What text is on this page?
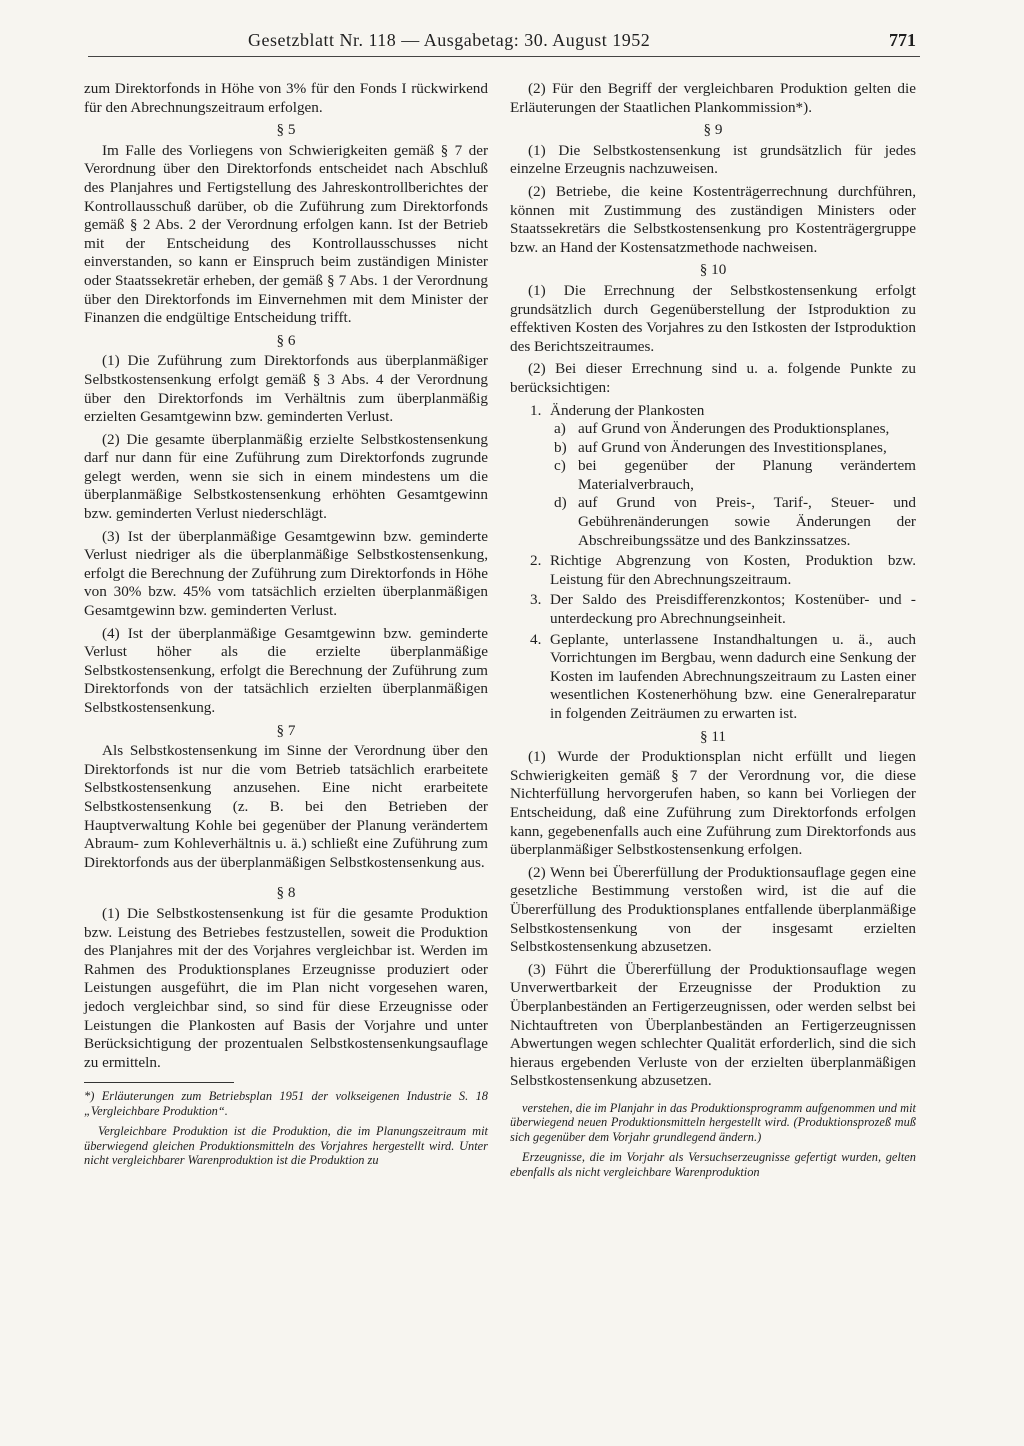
Gesetzblatt Nr. 118 — Ausgabetag: 30. August 1952	771

zum Direktorfonds in Höhe von 3% für den Fonds I rückwirkend für den Abrechnungszeitraum erfolgen.

§ 5

Im Falle des Vorliegens von Schwierigkeiten gemäß § 7 der Verordnung über den Direktorfonds entscheidet nach Abschluß des Planjahres und Fertigstellung des Jahreskontrollberichtes der Kontrollausschuß darüber, ob die Zuführung zum Direktorfonds gemäß § 2 Abs. 2 der Verordnung erfolgen kann. Ist der Betrieb mit der Entscheidung des Kontrollausschusses nicht einverstanden, so kann er Einspruch beim zuständigen Minister oder Staatssekretär erheben, der gemäß § 7 Abs. 1 der Verordnung über den Direktorfonds im Einvernehmen mit dem Minister der Finanzen die endgültige Entscheidung trifft.

§ 6

(1) Die Zuführung zum Direktorfonds aus überplanmäßiger Selbstkostensenkung erfolgt gemäß § 3 Abs. 4 der Verordnung über den Direktorfonds im Verhältnis zum überplanmäßig erzielten Gesamtgewinn bzw. geminderten Verlust.

(2) Die gesamte überplanmäßig erzielte Selbstkostensenkung darf nur dann für eine Zuführung zum Direktorfonds zugrunde gelegt werden, wenn sie sich in einem mindestens um die überplanmäßige Selbstkostensenkung erhöhten Gesamtgewinn bzw. geminderten Verlust niederschlägt.

(3) Ist der überplanmäßige Gesamtgewinn bzw. geminderte Verlust niedriger als die überplanmäßige Selbstkostensenkung, erfolgt die Berechnung der Zuführung zum Direktorfonds in Höhe von 30% bzw. 45% vom tatsächlich erzielten überplanmäßigen Gesamtgewinn bzw. geminderten Verlust.

(4) Ist der überplanmäßige Gesamtgewinn bzw. geminderte Verlust höher als die erzielte überplanmäßige Selbstkostensenkung, erfolgt die Berechnung der Zuführung zum Direktorfonds von der tatsächlich erzielten überplanmäßigen Selbstkostensenkung.

§ 7

Als Selbstkostensenkung im Sinne der Verordnung über den Direktorfonds ist nur die vom Betrieb tatsächlich erarbeitete Selbstkostensenkung anzusehen. Eine nicht erarbeitete Selbstkostensenkung (z. B. bei den Betrieben der Hauptverwaltung Kohle bei gegenüber der Planung verändertem Abraum- zum Kohleverhältnis u. ä.) schließt eine Zuführung zum Direktorfonds aus der überplanmäßigen Selbstkostensenkung aus.

§ 8

(1) Die Selbstkostensenkung ist für die gesamte Produktion bzw. Leistung des Betriebes festzustellen, soweit die Produktion des Planjahres mit der des Vorjahres vergleichbar ist. Werden im Rahmen des Produktionsplanes Erzeugnisse produziert oder Leistungen ausgeführt, die im Plan nicht vorgesehen waren, jedoch vergleichbar sind, so sind für diese Erzeugnisse oder Leistungen die Plankosten auf Basis der Vorjahre und unter Berücksichtigung der prozentualen Selbstkostensenkungsauflage zu ermitteln.

*) Erläuterungen zum Betriebsplan 1951 der volkseigenen Industrie S. 18 „Vergleichbare Produktion“.

Vergleichbare Produktion ist die Produktion, die im Planungszeitraum mit überwiegend gleichen Produktionsmitteln des Vorjahres hergestellt wird. Unter nicht vergleichbarer Warenproduktion ist die Produktion zu

(2) Für den Begriff der vergleichbaren Produktion gelten die Erläuterungen der Staatlichen Plankommission*).

§ 9

(1) Die Selbstkostensenkung ist grundsätzlich für jedes einzelne Erzeugnis nachzuweisen.

(2) Betriebe, die keine Kostenträgerrechnung durchführen, können mit Zustimmung des zuständigen Ministers oder Staatssekretärs die Selbstkostensenkung pro Kostenträgergruppe bzw. an Hand der Kostensatzmethode nachweisen.

§ 10

(1) Die Errechnung der Selbstkostensenkung erfolgt grundsätzlich durch Gegenüberstellung der Istproduktion zu effektiven Kosten des Vorjahres zu den Istkosten der Istproduktion des Berichtszeitraumes.

(2) Bei dieser Errechnung sind u. a. folgende Punkte zu berücksichtigen:

1. Änderung der Plankosten
a) auf Grund von Änderungen des Produktionsplanes,
b) auf Grund von Änderungen des Investitionsplanes,
c) bei gegenüber der Planung verändertem Materialverbrauch,
d) auf Grund von Preis-, Tarif-, Steuer- und Gebührenänderungen sowie Änderungen der Abschreibungssätze und des Bankzinssatzes.
2. Richtige Abgrenzung von Kosten, Produktion bzw. Leistung für den Abrechnungszeitraum.
3. Der Saldo des Preisdifferenzkontos; Kostenüber- und -unterdeckung pro Abrechnungseinheit.
4. Geplante, unterlassene Instandhaltungen u. ä., auch Vorrichtungen im Bergbau, wenn dadurch eine Senkung der Kosten im laufenden Abrechnungszeitraum zu Lasten einer wesentlichen Kostenerhöhung bzw. eine Generalreparatur in folgenden Zeiträumen zu erwarten ist.

§ 11

(1) Wurde der Produktionsplan nicht erfüllt und liegen Schwierigkeiten gemäß § 7 der Verordnung vor, die diese Nichterfüllung hervorgerufen haben, so kann bei Vorliegen der Entscheidung, daß eine Zuführung zum Direktorfonds erfolgen kann, gegebenenfalls auch eine Zuführung zum Direktorfonds aus überplanmäßiger Selbstkostensenkung erfolgen.

(2) Wenn bei Übererfüllung der Produktionsauflage gegen eine gesetzliche Bestimmung verstoßen wird, ist die auf die Übererfüllung des Produktionsplanes entfallende überplanmäßige Selbstkostensenkung von der insgesamt erzielten Selbstkostensenkung abzusetzen.

(3) Führt die Übererfüllung der Produktionsauflage wegen Unverwertbarkeit der Erzeugnisse der Produktion zu Überplanbeständen an Fertigerzeugnissen, oder werden selbst bei Nichtauftreten von Überplanbeständen an Fertigerzeugnissen Abwertungen wegen schlechter Qualität erforderlich, sind die sich hieraus ergebenden Verluste von der erzielten überplanmäßigen Selbstkostensenkung abzusetzen.

verstehen, die im Planjahr in das Produktionsprogramm aufgenommen und mit überwiegend neuen Produktionsmitteln hergestellt wird. (Produktionsprozeß muß sich gegenüber dem Vorjahr grundlegend ändern.)

Erzeugnisse, die im Vorjahr als Versuchserzeugnisse gefertigt wurden, gelten ebenfalls als nicht vergleichbare Warenproduktion
